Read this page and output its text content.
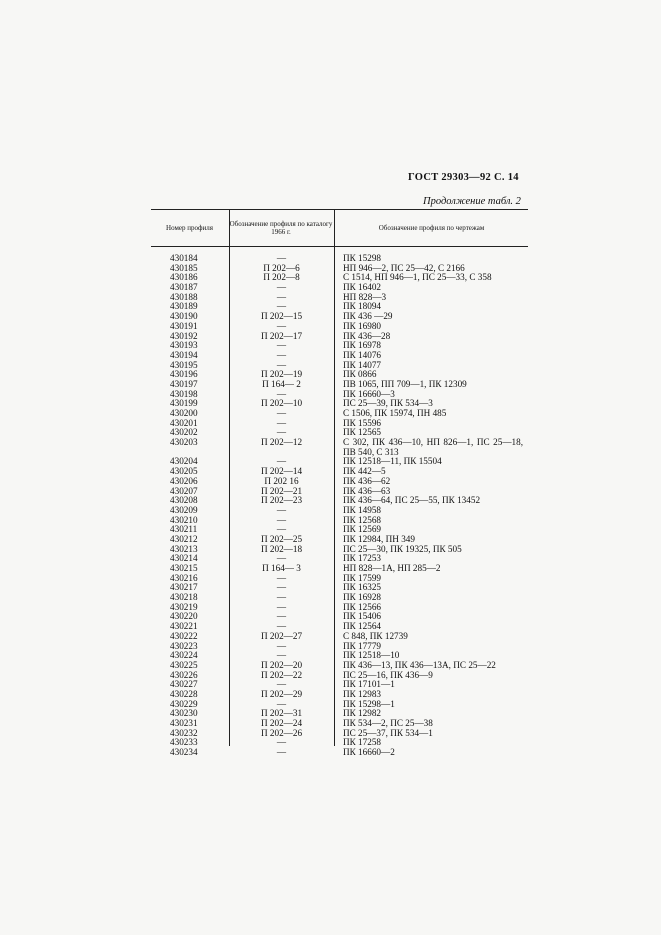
ГОСТ 29303—92 С. 14
Продолжение табл. 2
Номер профиля	Обозначение профиля по каталогу 1966 г.	Обозначение профиля по чертежам
430184	—	ПК 15298
430185	П 202—6	НП 946—2, ПС 25—42, С 2166
430186	П 202—8	С 1514, НП 946—1, ПС 25—33, С 358
430187	—	ПК 16402
430188	—	НП 828—3
430189	—	ПК 18094
430190	П 202—15	ПК 436 —29
430191	—	ПК 16980
430192	П 202—17	ПК 436—28
430193	—	ПК 16978
430194	—	ПК 14076
430195	—	ПК 14077
430196	П 202—19	ПК 0866
430197	П 164— 2	ПВ 1065, ПП 709—1, ПК 12309
430198	—	ПК 16660—3
430199	П 202—10	ПС 25—39, ПК 534—3
430200	—	С 1506, ПК 15974, ПН 485
430201	—	ПК 15596
430202	—	ПК 12565
430203	П 202—12	С 302, ПК 436—10, НП 826—1, ПС 25—18, ПВ 540, С 313
430204	—	ПК 12518—11, ПК 15504
430205	П 202—14	ПК 442—5
430206	П 202 16	ПК 436—62
430207	П 202—21	ПК 436—63
430208	П 202—23	ПК 436—64, ПС 25—55, ПК 13452
430209	—	ПК 14958
430210	—	ПК 12568
430211	—	ПК 12569
430212	П 202—25	ПК 12984, ПН 349
430213	П 202—18	ПС 25—30, ПК 19325, ПК 505
430214	—	ПК 17253
430215	П 164— 3	НП 828—1А, НП 285—2
430216	—	ПК 17599
430217	—	ПК 16325
430218	—	ПК 16928
430219	—	ПК 12566
430220	—	ПК 15406
430221	—	ПК 12564
430222	П 202—27	С 848, ПК 12739
430223	—	ПК 17779
430224	—	ПК 12518—10
430225	П 202—20	ПК 436—13, ПК 436—13А, ПС 25—22
430226	П 202—22	ПС 25—16, ПК 436—9
430227	—	ПК 17101—1
430228	П 202—29	ПК 12983
430229	—	ПК 15298—1
430230	П 202—31	ПК 12982
430231	П 202—24	ПК 534—2, ПС 25—38
430232	П 202—26	ПС 25—37, ПК 534—1
430233	—	ПК 17258
430234	—	ПК 16660—2
